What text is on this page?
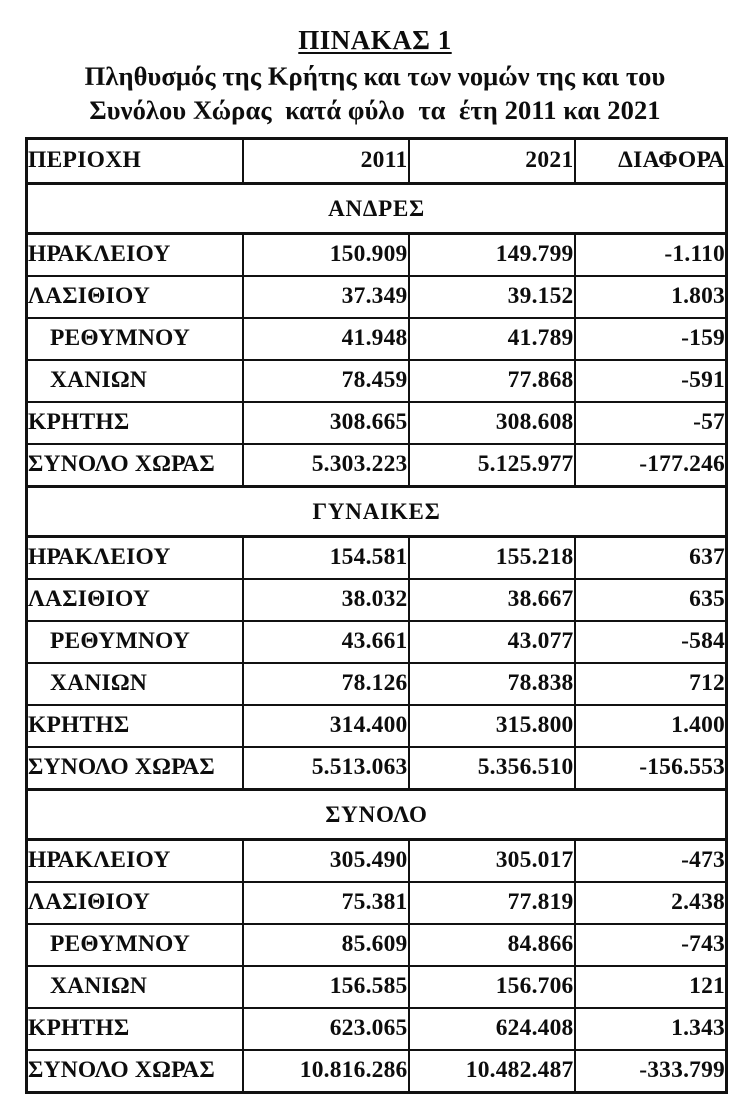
ΠΙΝΑΚΑΣ 1
Πληθυσμός της Κρήτης και των νομών της και του
Συνόλου Χώρας  κατά φύλο  τα  έτη 2011 και 2021
ΠΕΡΙΟΧΗ	2011	2021	ΔΙΑΦΟΡΑ
ΑΝΔΡΕΣ			
ΗΡΑΚΛΕΙΟΥ	150.909	149.799	-1.110
ΛΑΣΙΘΙΟΥ	37.349	39.152	1.803
ΡΕΘΥΜΝΟΥ	41.948	41.789	-159
ΧΑΝΙΩΝ	78.459	77.868	-591
ΚΡΗΤΗΣ	308.665	308.608	-57
ΣΥΝΟΛΟ ΧΩΡΑΣ	5.303.223	5.125.977	-177.246
ΓΥΝΑΙΚΕΣ			
ΗΡΑΚΛΕΙΟΥ	154.581	155.218	637
ΛΑΣΙΘΙΟΥ	38.032	38.667	635
ΡΕΘΥΜΝΟΥ	43.661	43.077	-584
ΧΑΝΙΩΝ	78.126	78.838	712
ΚΡΗΤΗΣ	314.400	315.800	1.400
ΣΥΝΟΛΟ ΧΩΡΑΣ	5.513.063	5.356.510	-156.553
ΣΥΝΟΛΟ			
ΗΡΑΚΛΕΙΟΥ	305.490	305.017	-473
ΛΑΣΙΘΙΟΥ	75.381	77.819	2.438
ΡΕΘΥΜΝΟΥ	85.609	84.866	-743
ΧΑΝΙΩΝ	156.585	156.706	121
ΚΡΗΤΗΣ	623.065	624.408	1.343
ΣΥΝΟΛΟ ΧΩΡΑΣ	10.816.286	10.482.487	-333.799
